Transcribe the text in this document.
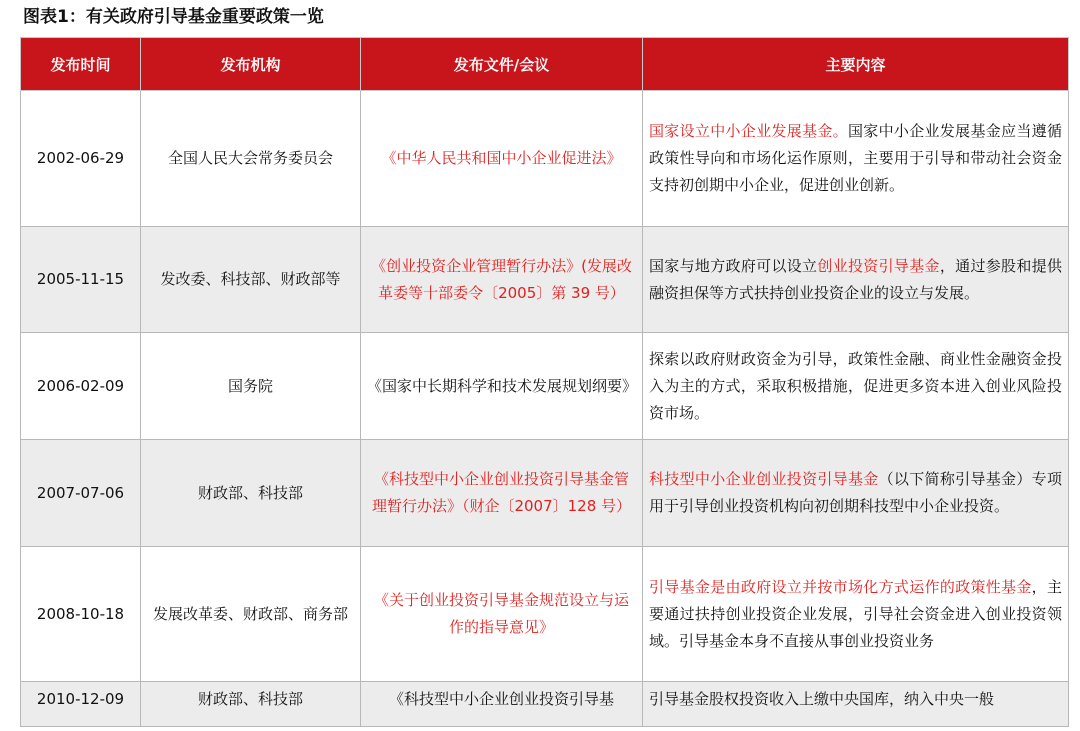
图表1：有关政府引导基金重要政策一览
发布时间	发布机构	发布文件/会议	主要内容
2002-06-29	全国人民大会常务委员会	《中华人民共和国中小企业促进法》	国家设立中小企业发展基金。国家中小企业发展基金应当遵循政策性导向和市场化运作原则，主要用于引导和带动社会资金支持初创期中小企业，促进创业创新。
2005-11-15	发改委、科技部、财政部等	《创业投资企业管理暂行办法》(发展改革委等十部委令〔2005〕第 39 号）	国家与地方政府可以设立创业投资引导基金，通过参股和提供融资担保等方式扶持创业投资企业的设立与发展。
2006-02-09	国务院	《国家中长期科学和技术发展规划纲要》	探索以政府财政资金为引导，政策性金融、商业性金融资金投入为主的方式，采取积极措施，促进更多资本进入创业风险投资市场。
2007-07-06	财政部、科技部	《科技型中小企业创业投资引导基金管理暂行办法》（财企〔2007〕128 号）	科技型中小企业创业投资引导基金（以下简称引导基金）专项用于引导创业投资机构向初创期科技型中小企业投资。
2008-10-18	发展改革委、财政部、商务部	《关于创业投资引导基金规范设立与运作的指导意见》	引导基金是由政府设立并按市场化方式运作的政策性基金，主要通过扶持创业投资企业发展，引导社会资金进入创业投资领域。引导基金本身不直接从事创业投资业务
2010-12-09	财政部、科技部	《科技型中小企业创业投资引导基	引导基金股权投资收入上缴中央国库，纳入中央一般
